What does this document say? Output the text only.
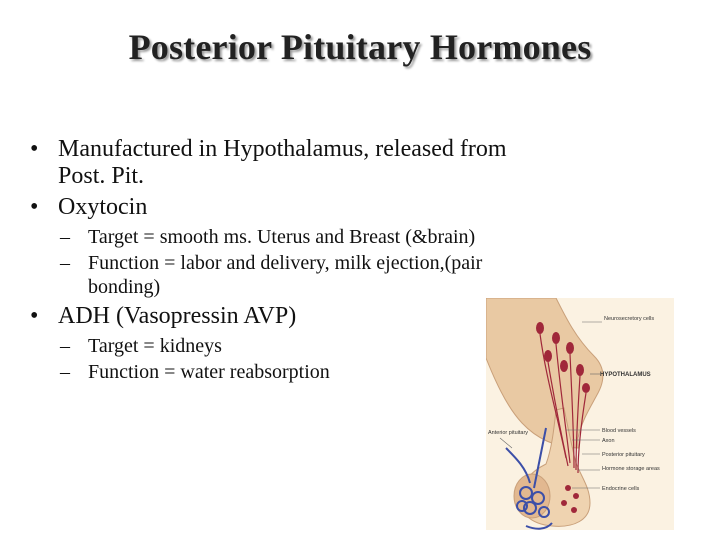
Posterior Pituitary Hormones
• Manufactured in Hypothalamus, released from
Post. Pit.
• Oxytocin
– Target = smooth ms. Uterus and Breast (&brain)
– Function = labor and delivery, milk ejection,(pair
bonding)
• ADH (Vasopressin AVP)
– Target = kidneys
– Function = water reabsorption
Neurosecretory cells
HYPOTHALAMUS
Blood vessels
Axon
Posterior pituitary
Hormone storage areas
Endocrine cells
Anterior pituitary
